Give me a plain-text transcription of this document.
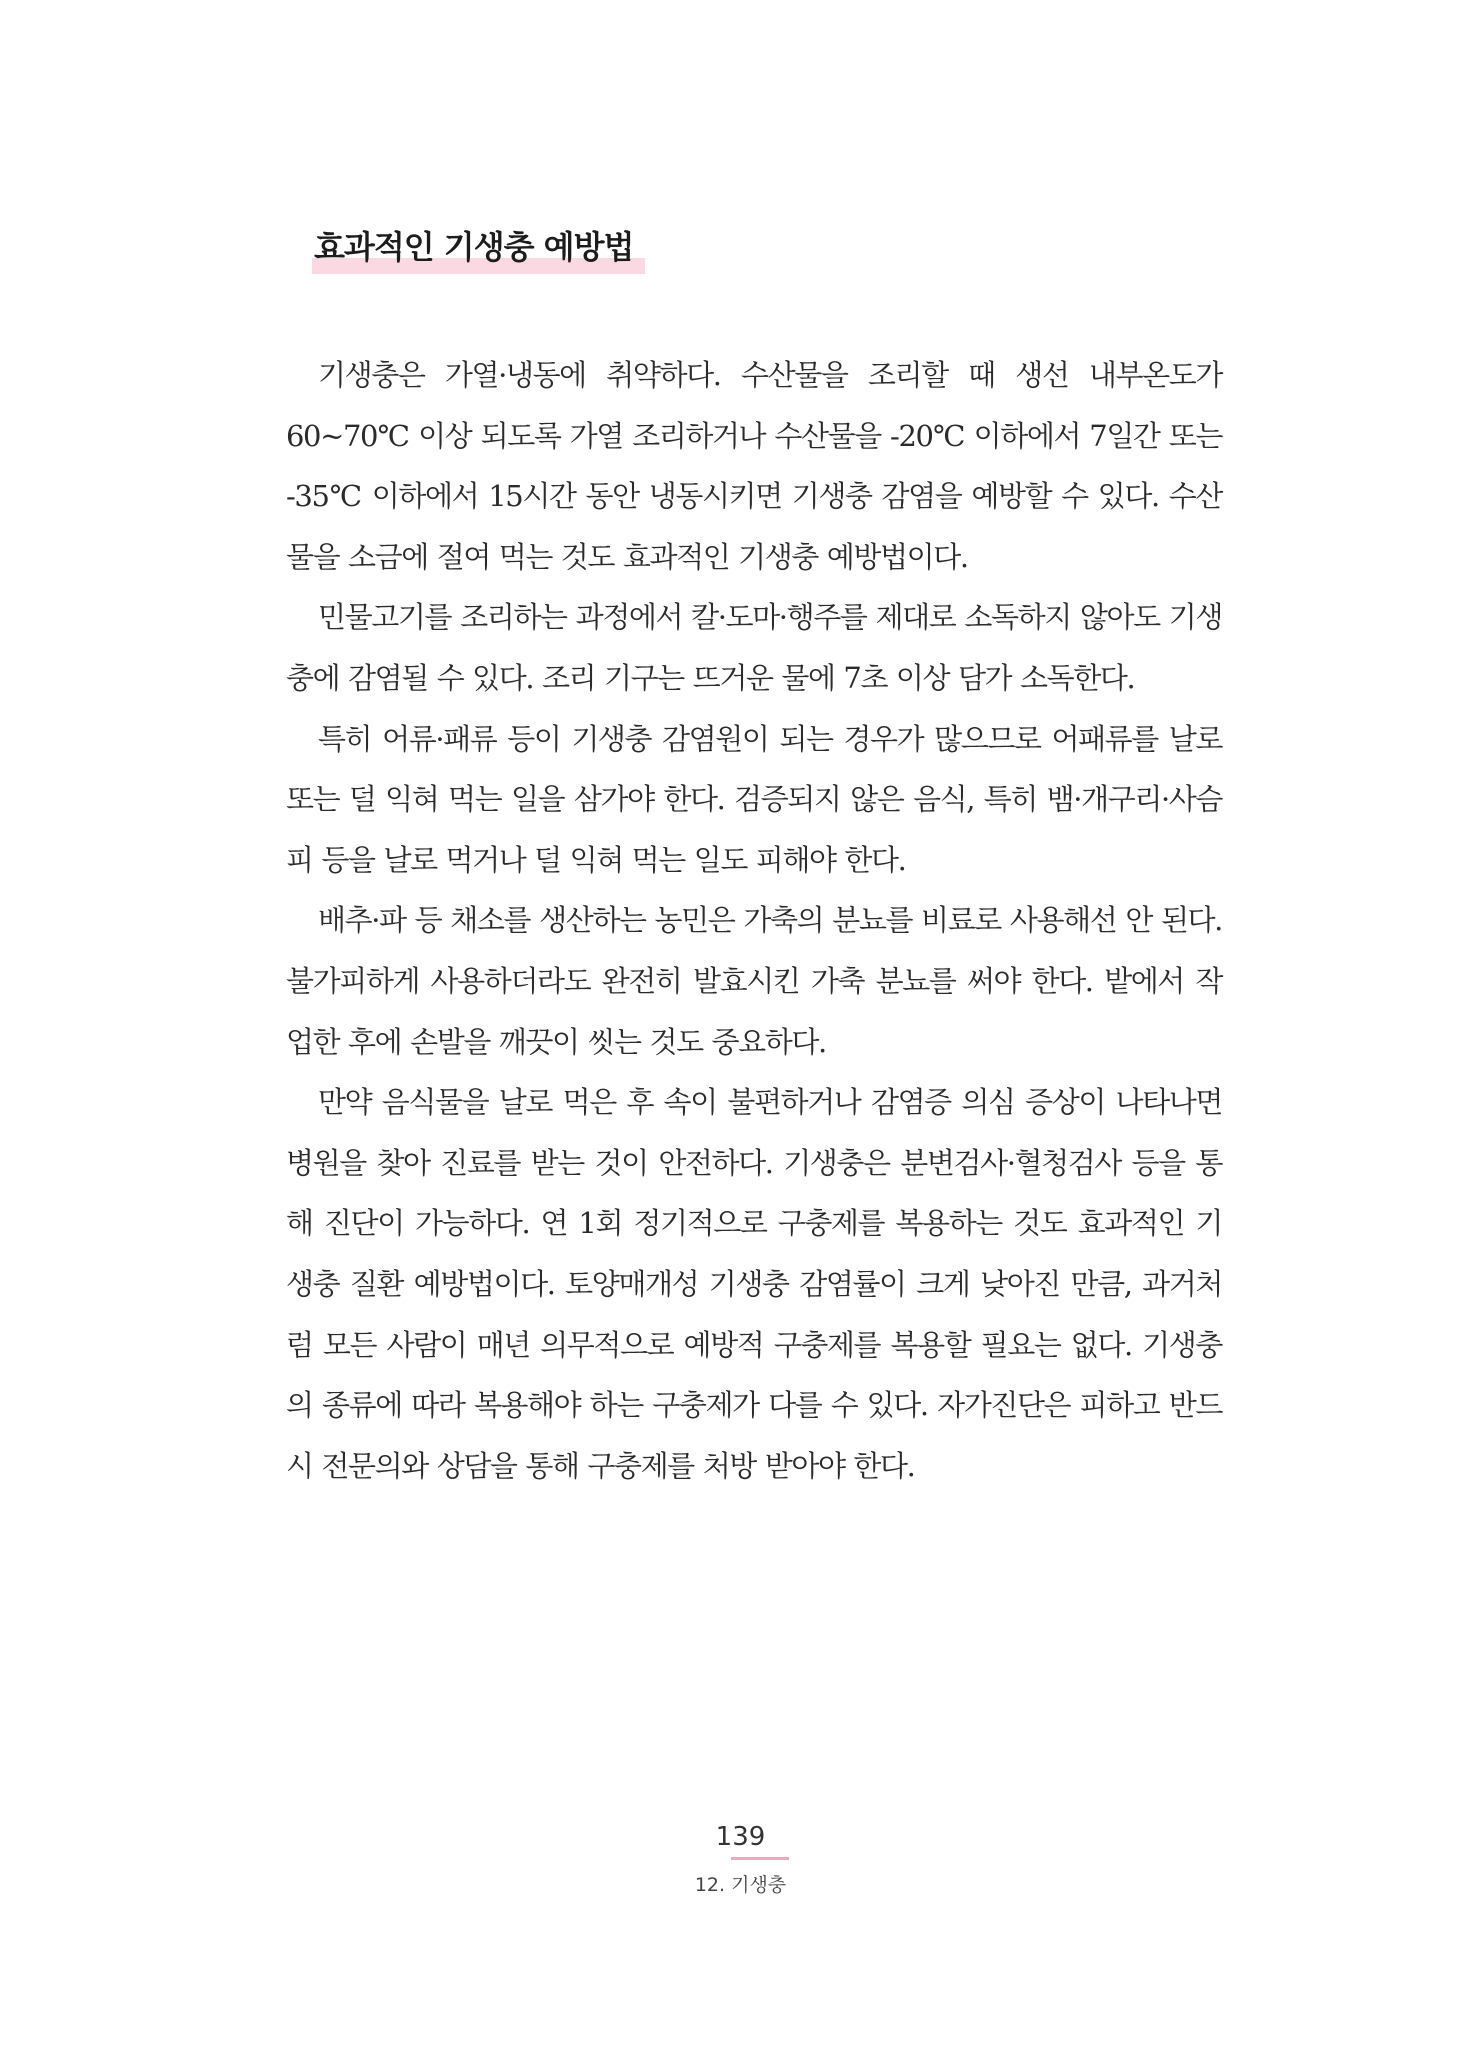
효과적인 기생충 예방법

기생충은 가열·냉동에 취약하다. 수산물을 조리할 때 생선 내부온도가 60~70℃ 이상 되도록 가열 조리하거나 수산물을 -20℃ 이하에서 7일간 또는 -35℃ 이하에서 15시간 동안 냉동시키면 기생충 감염을 예방할 수 있다. 수산물을 소금에 절여 먹는 것도 효과적인 기생충 예방법이다.

민물고기를 조리하는 과정에서 칼·도마·행주를 제대로 소독하지 않아도 기생충에 감염될 수 있다. 조리 기구는 뜨거운 물에 7초 이상 담가 소독한다.

특히 어류·패류 등이 기생충 감염원이 되는 경우가 많으므로 어패류를 날로 또는 덜 익혀 먹는 일을 삼가야 한다. 검증되지 않은 음식, 특히 뱀·개구리·사슴피 등을 날로 먹거나 덜 익혀 먹는 일도 피해야 한다.

배추·파 등 채소를 생산하는 농민은 가축의 분뇨를 비료로 사용해선 안 된다. 불가피하게 사용하더라도 완전히 발효시킨 가축 분뇨를 써야 한다. 밭에서 작업한 후에 손발을 깨끗이 씻는 것도 중요하다.

만약 음식물을 날로 먹은 후 속이 불편하거나 감염증 의심 증상이 나타나면 병원을 찾아 진료를 받는 것이 안전하다. 기생충은 분변검사·혈청검사 등을 통해 진단이 가능하다. 연 1회 정기적으로 구충제를 복용하는 것도 효과적인 기생충 질환 예방법이다. 토양매개성 기생충 감염률이 크게 낮아진 만큼, 과거처럼 모든 사람이 매년 의무적으로 예방적 구충제를 복용할 필요는 없다. 기생충의 종류에 따라 복용해야 하는 구충제가 다를 수 있다. 자가진단은 피하고 반드시 전문의와 상담을 통해 구충제를 처방 받아야 한다.

139
12. 기생충
